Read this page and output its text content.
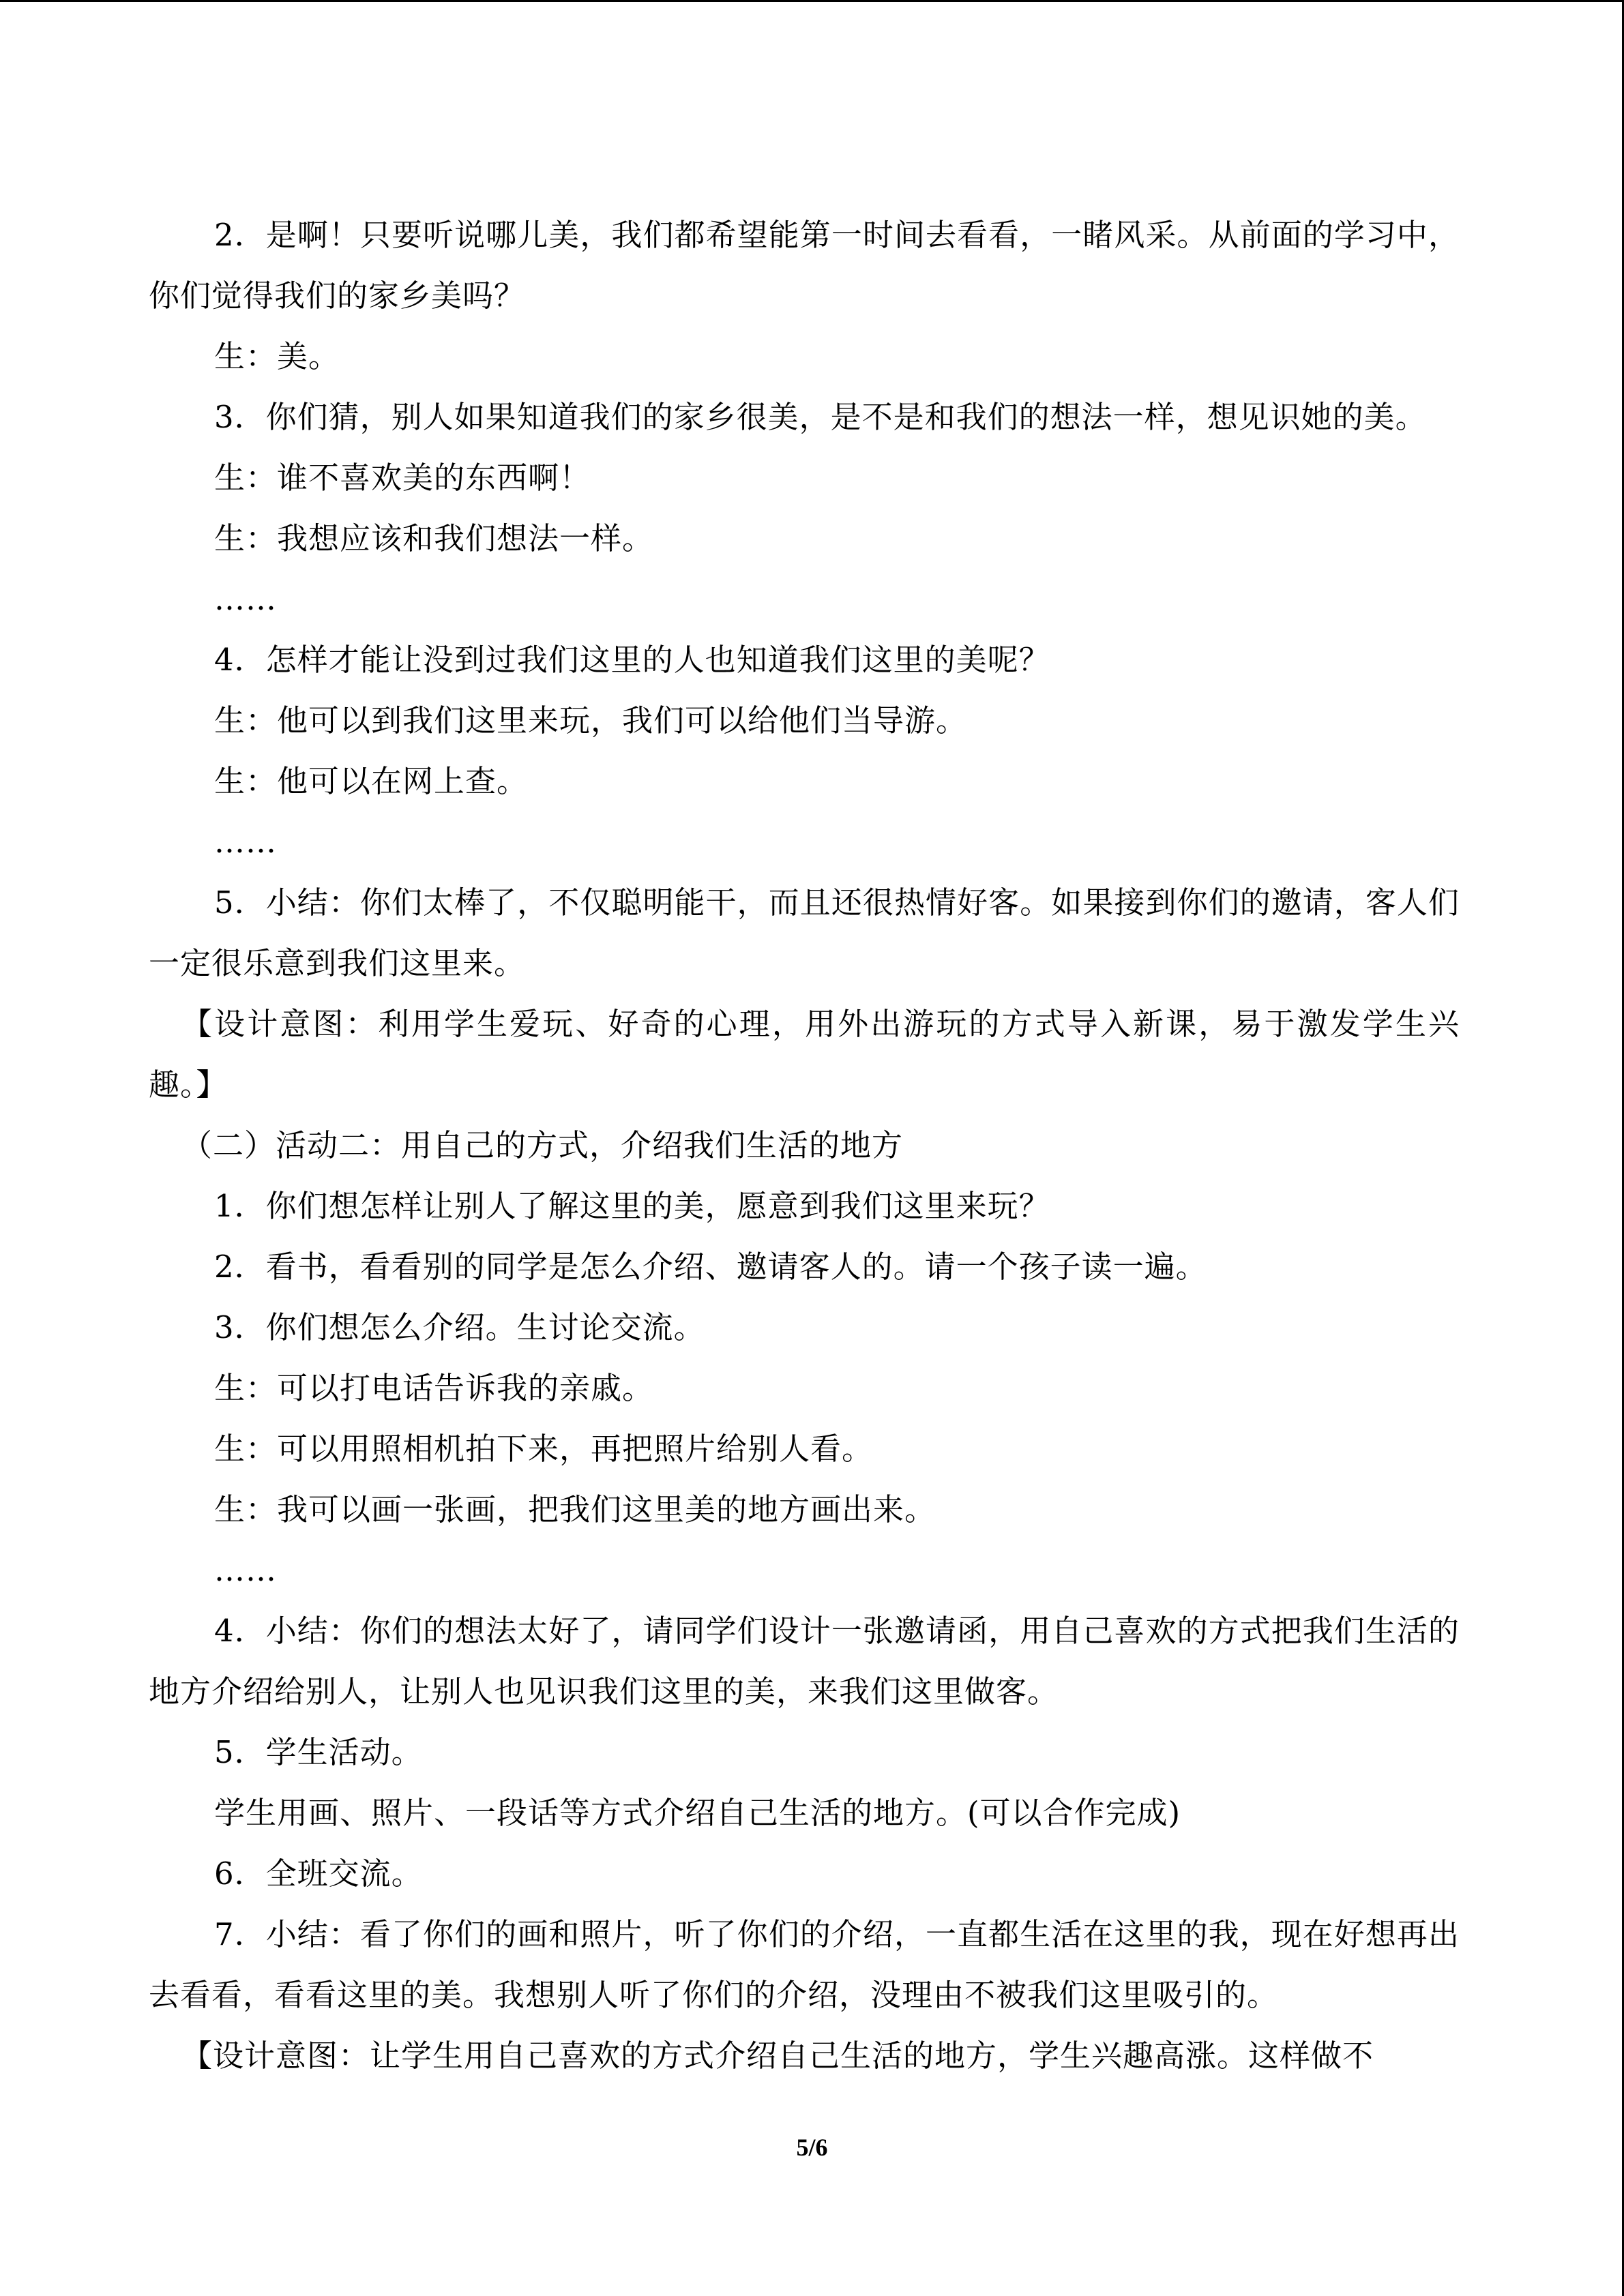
2．是啊！只要听说哪儿美，我们都希望能第一时间去看看，一睹风采。从前面的学习中，你们觉得我们的家乡美吗？

生：美。

3．你们猜，别人如果知道我们的家乡很美，是不是和我们的想法一样，想见识她的美。

生：谁不喜欢美的东西啊！

生：我想应该和我们想法一样。

……

4．怎样才能让没到过我们这里的人也知道我们这里的美呢？

生：他可以到我们这里来玩，我们可以给他们当导游。

生：他可以在网上查。

……

5．小结：你们太棒了，不仅聪明能干，而且还很热情好客。如果接到你们的邀请，客人们一定很乐意到我们这里来。

【设计意图：利用学生爱玩、好奇的心理，用外出游玩的方式导入新课，易于激发学生兴趣。】

（二）活动二：用自己的方式，介绍我们生活的地方

1．你们想怎样让别人了解这里的美，愿意到我们这里来玩？

2．看书，看看别的同学是怎么介绍、邀请客人的。请一个孩子读一遍。

3．你们想怎么介绍。生讨论交流。

生：可以打电话告诉我的亲戚。

生：可以用照相机拍下来，再把照片给别人看。

生：我可以画一张画，把我们这里美的地方画出来。

……

4．小结：你们的想法太好了，请同学们设计一张邀请函，用自己喜欢的方式把我们生活的地方介绍给别人，让别人也见识我们这里的美，来我们这里做客。

5．学生活动。

学生用画、照片、一段话等方式介绍自己生活的地方。(可以合作完成)

6．全班交流。

7．小结：看了你们的画和照片，听了你们的介绍，一直都生活在这里的我，现在好想再出去看看，看看这里的美。我想别人听了你们的介绍，没理由不被我们这里吸引的。

【设计意图：让学生用自己喜欢的方式介绍自己生活的地方，学生兴趣高涨。这样做不

5/6
